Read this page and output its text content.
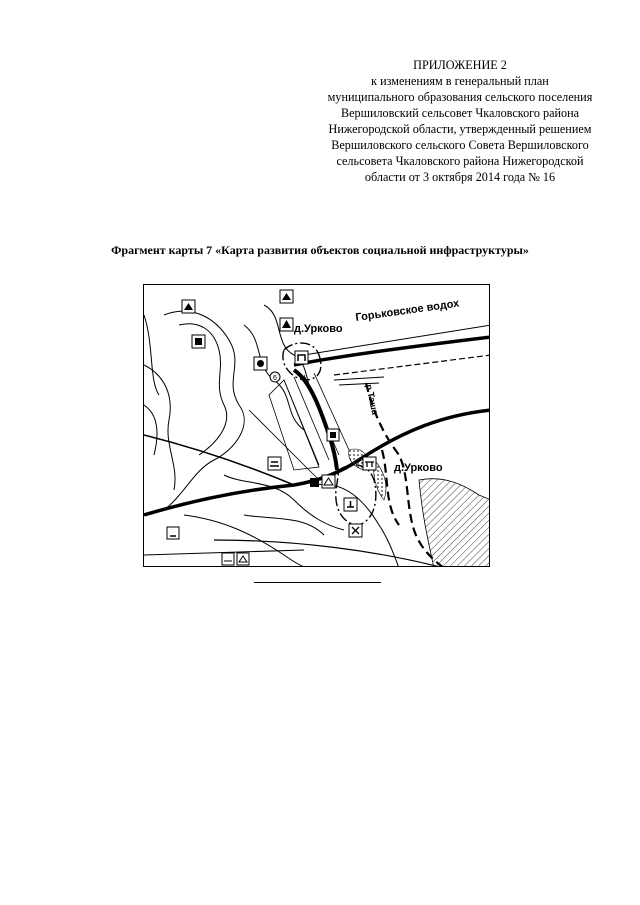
ПРИЛОЖЕНИЕ 2
к изменениям в генеральный план
муниципального образования сельского поселения
Вершиловский сельсовет Чкаловского района
Нижегородской области, утвержденный решением
Вершиловского сельского Совета Вершиловского
сельсовета Чкаловского района Нижегородской
области от 3 октября 2014 года № 16
Фрагмент карты 7 «Карта развития объектов социальной инфраструктуры»
6
д.Урково
Горьковское водох
р.Таша
д.Урково
